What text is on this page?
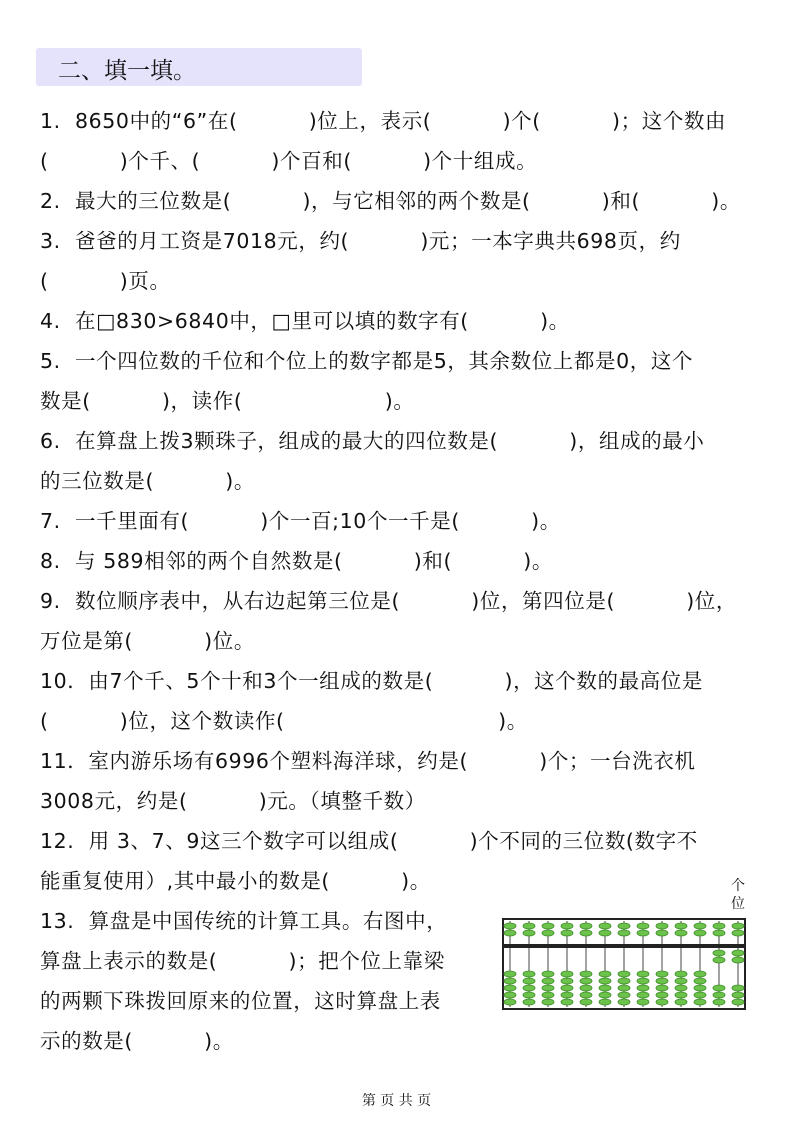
二、填一填。
1.  8650中的“6”在(          )位上，表示(          )个(          )；这个数由
(          )个千、(          )个百和(          )个十组成。
2.  最大的三位数是(          )，与它相邻的两个数是(          )和(          )。
3.  爸爸的月工资是7018元，约(          )元；一本字典共698页，约
(          )页。
4.  在□830>6840中，□里可以填的数字有(          )。
5.  一个四位数的千位和个位上的数字都是5，其余数位上都是0，这个
数是(          )，读作(                    )。
6.  在算盘上拨3颗珠子，组成的最大的四位数是(          )，组成的最小
的三位数是(          )。
7.  一千里面有(          )个一百;10个一千是(          )。
8.  与 589相邻的两个自然数是(          )和(          )。
9.  数位顺序表中，从右边起第三位是(          )位，第四位是(          )位，
万位是第(          )位。
10．由7个千、5个十和3个一组成的数是(          )，这个数的最高位是
(          )位，这个数读作(                              )。
11．室内游乐场有6996个塑料海洋球，约是(          )个；一台洗衣机
3008元，约是(          )元。（填整千数）
12.  用 3、7、9这三个数字可以组成(          )个不同的三位数(数字不
能重复使用）,其中最小的数是(          )。
13.  算盘是中国传统的计算工具。右图中，
算盘上表示的数是(          )；把个位上靠梁
的两颗下珠拨回原来的位置，这时算盘上表
示的数是(          )。
个位
第 页 共 页
